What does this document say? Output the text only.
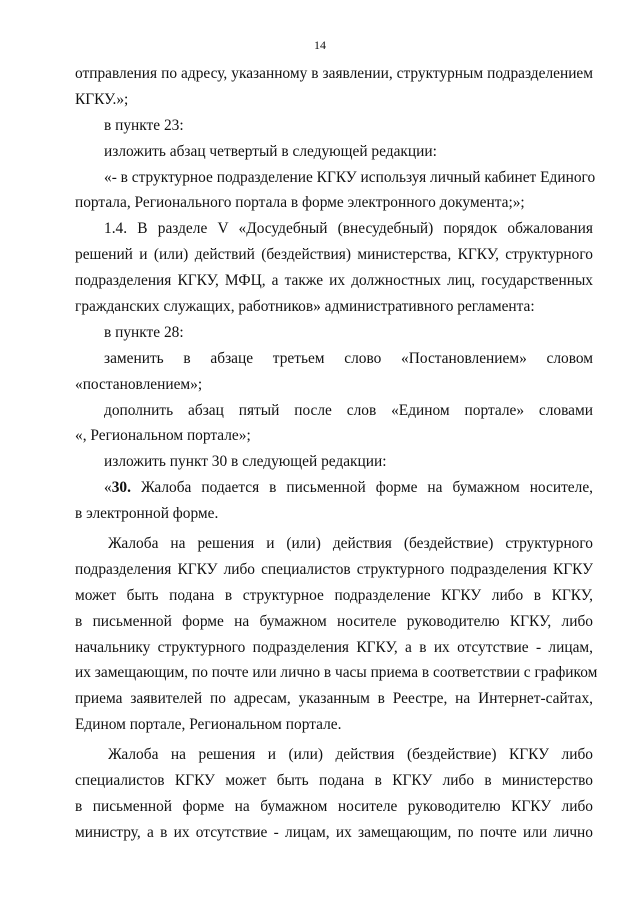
14
отправления по адресу, указанному в заявлении, структурным подразделением
КГКУ.»;
в пункте 23:
изложить абзац четвертый в следующей редакции:
«- в структурное подразделение КГКУ используя личный кабинет Единого
портала, Регионального портала в форме электронного документа;»;
1.4. В разделе V «Досудебный (внесудебный) порядок обжалования
решений и (или) действий (бездействия) министерства, КГКУ, структурного
подразделения КГКУ, МФЦ, а также их должностных лиц, государственных
гражданских служащих, работников» административного регламента:
в пункте 28:
заменить в абзаце третьем слово «Постановлением» словом
«постановлением»;
дополнить абзац пятый после слов «Едином портале» словами
«, Региональном портале»;
изложить пункт 30 в следующей редакции:
«30. Жалоба подается в письменной форме на бумажном носителе,
в электронной форме.
Жалоба на решения и (или) действия (бездействие) структурного
подразделения КГКУ либо специалистов структурного подразделения КГКУ
может быть подана в структурное подразделение КГКУ либо в КГКУ,
в письменной форме на бумажном носителе руководителю КГКУ, либо
начальнику структурного подразделения КГКУ, а в их отсутствие - лицам,
их замещающим, по почте или лично в часы приема в соответствии с графиком
приема заявителей по адресам, указанным в Реестре, на Интернет-сайтах,
Едином портале, Региональном портале.
Жалоба на решения и (или) действия (бездействие) КГКУ либо
специалистов КГКУ может быть подана в КГКУ либо в министерство
в письменной форме на бумажном носителе руководителю КГКУ либо
министру, а в их отсутствие - лицам, их замещающим, по почте или лично
